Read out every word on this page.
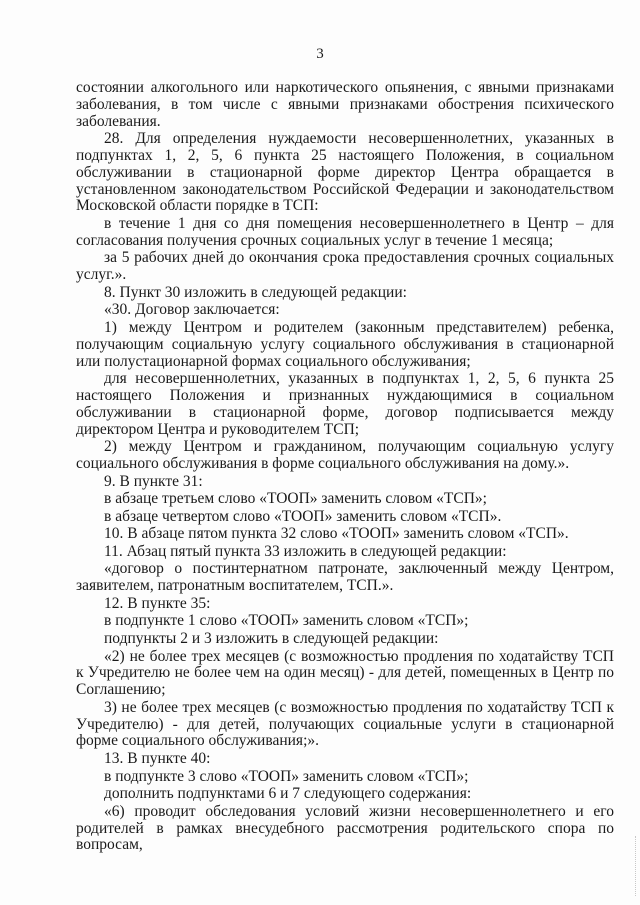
3

состоянии алкогольного или наркотического опьянения, с явными признаками заболевания, в том числе с явными признаками обострения психического заболевания.

28. Для определения нуждаемости несовершеннолетних, указанных в подпунктах 1, 2, 5, 6 пункта 25 настоящего Положения, в социальном обслуживании в стационарной форме директор Центра обращается в установленном законодательством Российской Федерации и законодательством Московской области порядке в ТСП:

в течение 1 дня со дня помещения несовершеннолетнего в Центр – для согласования получения срочных социальных услуг в течение 1 месяца;

за 5 рабочих дней до окончания срока предоставления срочных социальных услуг.».

8. Пункт 30 изложить в следующей редакции:

«30. Договор заключается:

1) между Центром и родителем (законным представителем) ребенка, получающим социальную услугу социального обслуживания в стационарной или полустационарной формах социального обслуживания;

для несовершеннолетних, указанных в подпунктах 1, 2, 5, 6 пункта 25 настоящего Положения и признанных нуждающимися в социальном обслуживании в стационарной форме, договор подписывается между директором Центра и руководителем ТСП;

2) между Центром и гражданином, получающим социальную услугу социального обслуживания в форме социального обслуживания на дому.».

9. В пункте 31:

в абзаце третьем слово «ТООП» заменить словом «ТСП»;

в абзаце четвертом слово «ТООП» заменить словом «ТСП».

10. В абзаце пятом пункта 32 слово «ТООП» заменить словом «ТСП».

11. Абзац пятый пункта 33 изложить в следующей редакции:

«договор о постинтернатном патронате, заключенный между Центром, заявителем, патронатным воспитателем, ТСП.».

12. В пункте 35:

в подпункте 1 слово «ТООП» заменить словом «ТСП»;

подпункты 2 и 3 изложить в следующей редакции:

«2) не более трех месяцев (с возможностью продления по ходатайству ТСП к Учредителю не более чем на один месяц) - для детей, помещенных в Центр по Соглашению;

3) не более трех месяцев (с возможностью продления по ходатайству ТСП к Учредителю) - для детей, получающих социальные услуги в стационарной форме социального обслуживания;».

13. В пункте 40:

в подпункте 3 слово «ТООП» заменить словом «ТСП»;

дополнить подпунктами 6 и 7 следующего содержания:

«6) проводит обследования условий жизни несовершеннолетнего и его родителей в рамках внесудебного рассмотрения родительского спора по вопросам,
